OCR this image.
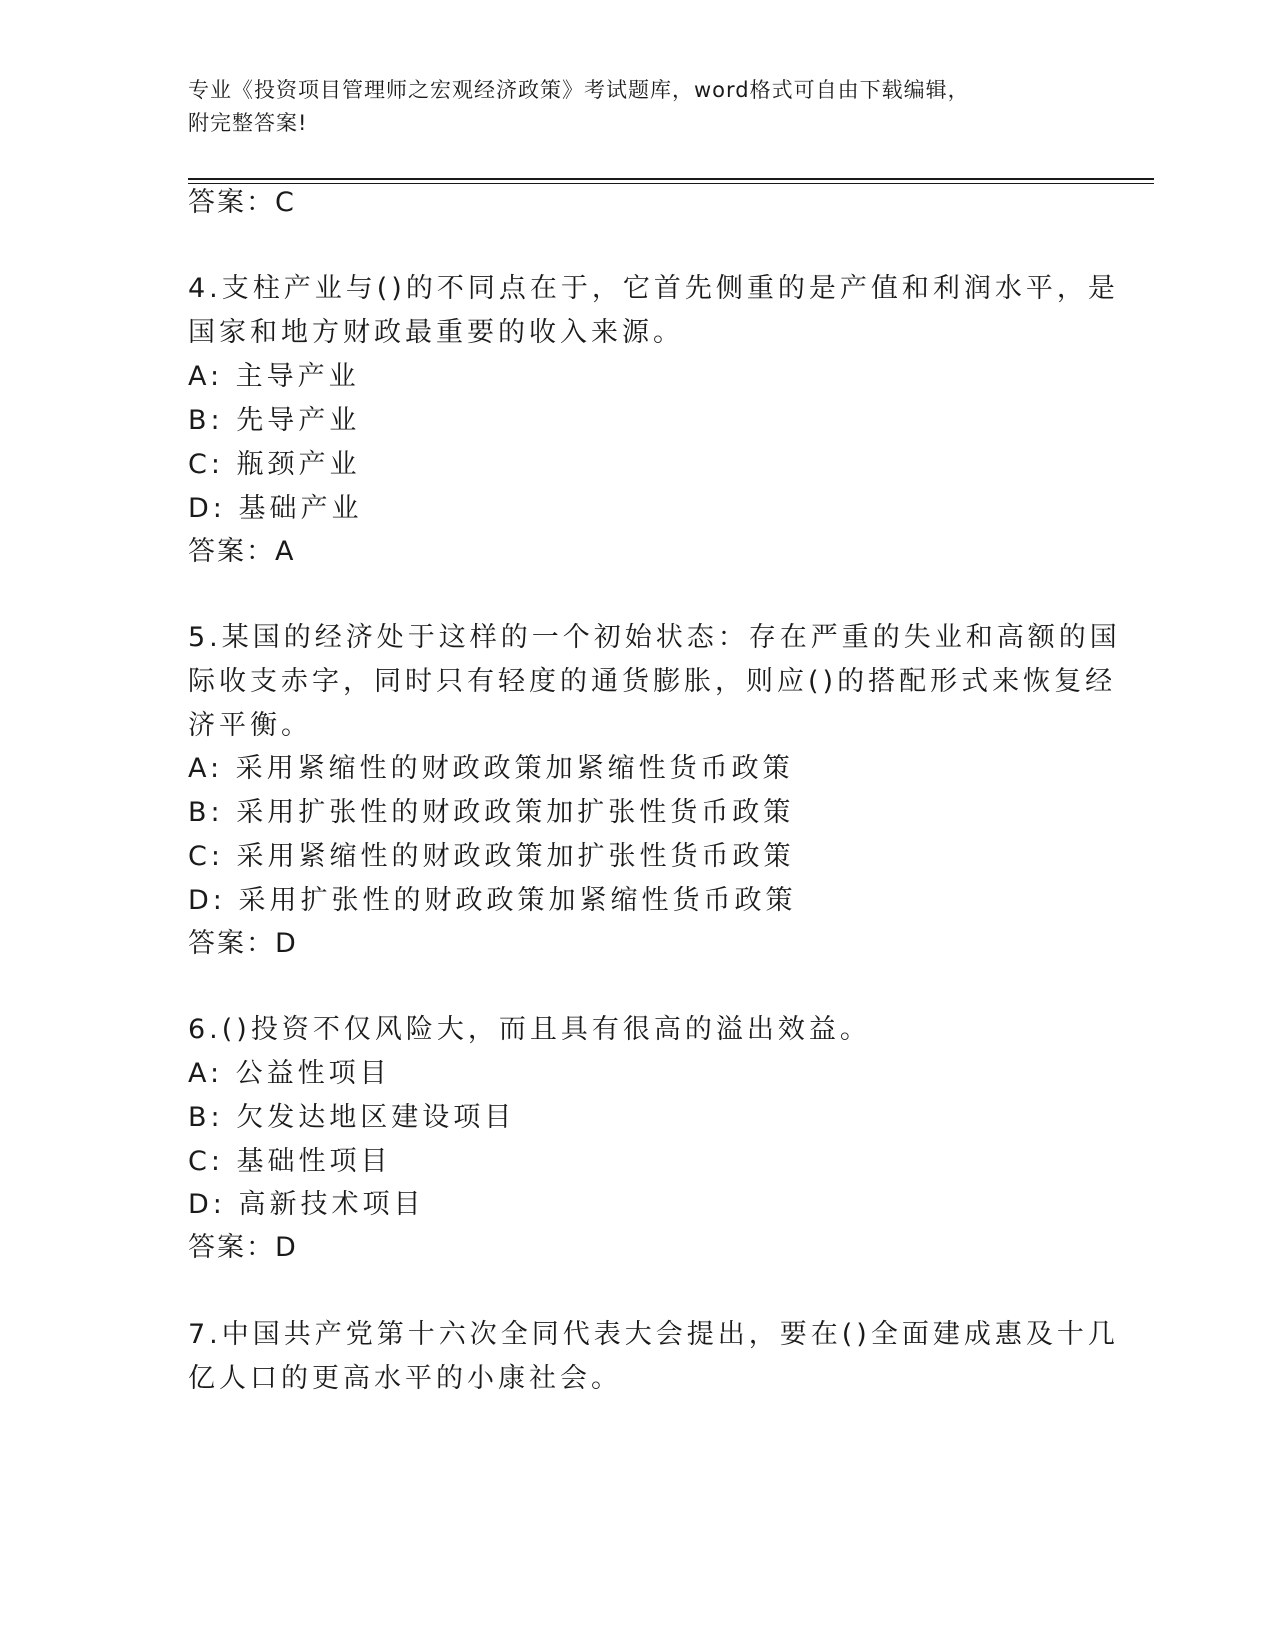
专业《投资项目管理师之宏观经济政策》考试题库，word格式可自由下载编辑，
附完整答案!
答案：C
4.支柱产业与()的不同点在于，它首先侧重的是产值和利润水平，是
国家和地方财政最重要的收入来源。
A: 主导产业
B: 先导产业
C: 瓶颈产业
D: 基础产业
答案：A
5.某国的经济处于这样的一个初始状态：存在严重的失业和高额的国
际收支赤字，同时只有轻度的通货膨胀，则应()的搭配形式来恢复经
济平衡。
A: 采用紧缩性的财政政策加紧缩性货币政策
B: 采用扩张性的财政政策加扩张性货币政策
C: 采用紧缩性的财政政策加扩张性货币政策
D: 采用扩张性的财政政策加紧缩性货币政策
答案：D
6.()投资不仅风险大，而且具有很高的溢出效益。
A: 公益性项目
B: 欠发达地区建设项目
C: 基础性项目
D: 高新技术项目
答案：D
7.中国共产党第十六次全同代表大会提出，要在()全面建成惠及十几
亿人口的更高水平的小康社会。
